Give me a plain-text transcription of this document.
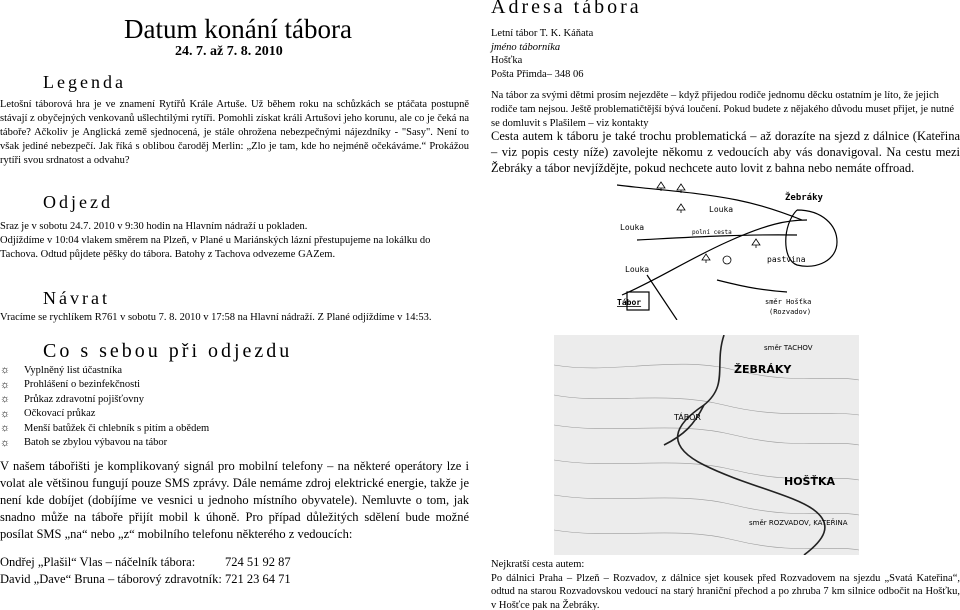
Datum konání tábora
24. 7. až 7. 8. 2010
Legenda

Letošní táborová hra je ve znamení Rytířů Krále Artuše. Už během roku na schůzkách se ptáčata postupně stávají z obyčejných venkovanů ušlechtilými rytíři. Pomohli získat králi Artušovi jeho korunu, ale co je čeká na táboře? Ačkoliv je Anglická země sjednocená, je stále ohrožena nebezpečnými nájezdníky - "Sasy". Není to však jediné nebezpečí. Jak říká s oblibou čaroděj Merlin: „Zlo je tam, kde ho nejméně očekáváme.“ Prokážou rytíři svou srdnatost a odvahu?

Odjezd

Sraz je v sobotu 24.7. 2010 v 9:30 hodin na Hlavním nádraží u pokladen.

Odjíždíme v 10:04 vlakem směrem na Plzeň, v Plané u Mariánských lázní přestupujeme na lokálku do Tachova. Odtud půjdete pěšky do tábora. Batohy z Tachova odvezeme GAZem.

Návrat

Vracíme se rychlíkem R761 v sobotu 7. 8. 2010 v 17:58 na Hlavní nádraží. Z Plané odjíždíme v 14:53.

Co s sebou při odjezdu
☼	Vyplněný list účastníka
☼	Prohlášení o bezinfekčnosti
☼	Průkaz zdravotní pojišťovny
☼	Očkovací průkaz
☼	Menší batůžek či chlebník s pitím a obědem
☼	Batoh se zbylou výbavou na tábor

V našem tábořišti je komplikovaný signál pro mobilní telefony – na některé operátory lze i volat ale většinou fungují pouze SMS zprávy. Dále nemáme zdroj elektrické energie, takže je není kde dobíjet (dobíjíme ve vesnici u jednoho místního obyvatele). Nemluvte o tom, jak snadno může na táboře přijít mobil k úhoně. Pro případ důležitých sdělení bude možné posílat SMS „na“ nebo „z“ mobilního telefonu některého z vedoucích:

Ondřej „Plašil“ Vlas – náčelník tábora:	724 51 92 87
David „Dave“ Bruna – táborový zdravotník: 721 23 64 71
Adresa tábora
Letní tábor T. K. Káňata
jméno táborníka
Hošťka
Pošta Přimda– 348 06

Na tábor za svými dětmi prosím nejezděte – když přijedou rodiče jednomu děcku ostatním je líto, že jejich rodiče tam nejsou. Ještě problematičtější bývá loučení. Pokud budete z nějakého důvodu muset přijet, je nutné se domluvit s Plašilem – viz kontakty

Cesta autem k táboru je také trochu problematická – až dorazíte na sjezd z dálnice (Kateřina – viz popis cesty níže) zavolejte někomu z vedoucích aby vás donavigoval. Na cestu mezi Žebráky a tábor nevjíždějte, pokud nechcete auto lovit z bahna nebo nemáte offroad.

Louka
Žebráky
Louka
polní cesta
pastvina
Louka
Tábor	směr Hošťka
(Rozvadov)
směr TACHOV
ŽEBRÁKY
TÁBOR
HOŠŤKA
směr ROZVADOV, KATEŘINA
Nejkratší cesta autem:
Po dálnici Praha – Plzeň – Rozvadov, z dálnice sjet kousek před Rozvadovem na sjezdu „Svatá Kateřina“, odtud na starou Rozvadovskou vedoucí na starý hraniční přechod a po zhruba 7 km silnice odbočit na Hošťku, v Hošťce pak na Žebráky.
